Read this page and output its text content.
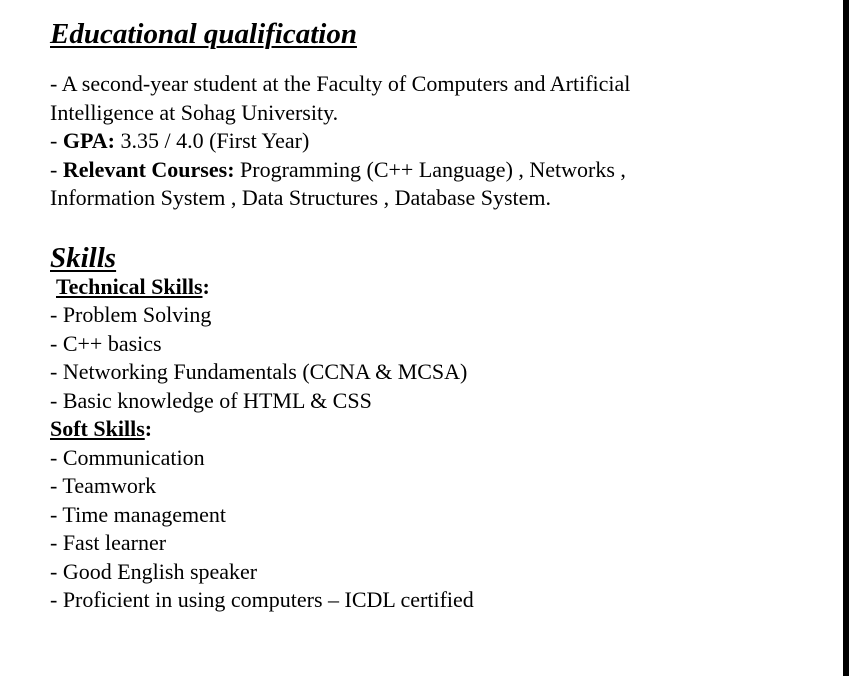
Educational qualification
- A second-year student at the Faculty of Computers and Artificial
Intelligence at Sohag University.
- GPA: 3.35 / 4.0 (First Year)
- Relevant Courses: Programming (C++ Language) , Networks ,
Information System , Data Structures , Database System.
Skills
Technical Skills:
- Problem Solving
- C++ basics
- Networking Fundamentals (CCNA & MCSA)
- Basic knowledge of HTML & CSS
Soft Skills:
- Communication
- Teamwork
- Time management
- Fast learner
- Good English speaker
- Proficient in using computers – ICDL certified
